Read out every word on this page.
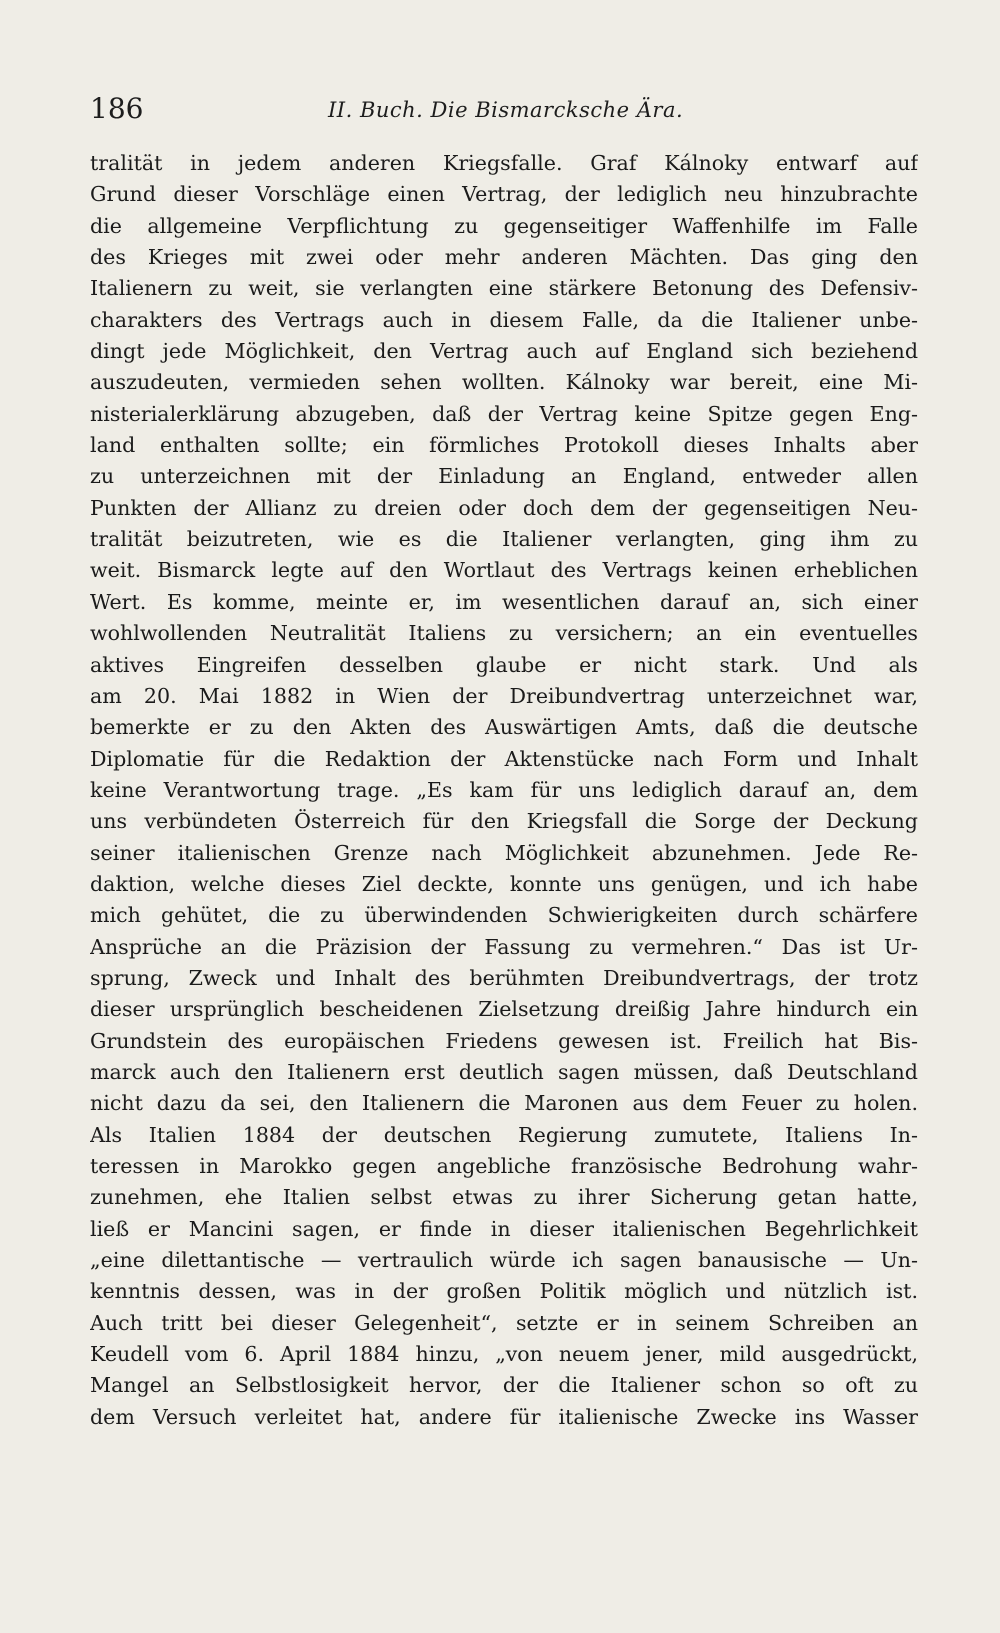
186	II. Buch. Die Bismarcksche Ära.
tralität in jedem anderen Kriegsfalle. Graf Kálnoky entwarf auf
Grund dieser Vorschläge einen Vertrag, der lediglich neu hinzubrachte
die allgemeine Verpflichtung zu gegenseitiger Waffenhilfe im Falle
des Krieges mit zwei oder mehr anderen Mächten. Das ging den
Italienern zu weit, sie verlangten eine stärkere Betonung des Defensiv-
charakters des Vertrags auch in diesem Falle, da die Italiener unbe-
dingt jede Möglichkeit, den Vertrag auch auf England sich beziehend
auszudeuten, vermieden sehen wollten. Kálnoky war bereit, eine Mi-
nisterialerklärung abzugeben, daß der Vertrag keine Spitze gegen Eng-
land enthalten sollte; ein förmliches Protokoll dieses Inhalts aber
zu unterzeichnen mit der Einladung an England, entweder allen
Punkten der Allianz zu dreien oder doch dem der gegenseitigen Neu-
tralität beizutreten, wie es die Italiener verlangten, ging ihm zu
weit. Bismarck legte auf den Wortlaut des Vertrags keinen erheblichen
Wert. Es komme, meinte er, im wesentlichen darauf an, sich einer
wohlwollenden Neutralität Italiens zu versichern; an ein eventuelles
aktives Eingreifen desselben glaube er nicht stark. Und als
am 20. Mai 1882 in Wien der Dreibundvertrag unterzeichnet war,
bemerkte er zu den Akten des Auswärtigen Amts, daß die deutsche
Diplomatie für die Redaktion der Aktenstücke nach Form und Inhalt
keine Verantwortung trage. „Es kam für uns lediglich darauf an, dem
uns verbündeten Österreich für den Kriegsfall die Sorge der Deckung
seiner italienischen Grenze nach Möglichkeit abzunehmen. Jede Re-
daktion, welche dieses Ziel deckte, konnte uns genügen, und ich habe
mich gehütet, die zu überwindenden Schwierigkeiten durch schärfere
Ansprüche an die Präzision der Fassung zu vermehren.“ Das ist Ur-
sprung, Zweck und Inhalt des berühmten Dreibundvertrags, der trotz
dieser ursprünglich bescheidenen Zielsetzung dreißig Jahre hindurch ein
Grundstein des europäischen Friedens gewesen ist. Freilich hat Bis-
marck auch den Italienern erst deutlich sagen müssen, daß Deutschland
nicht dazu da sei, den Italienern die Maronen aus dem Feuer zu holen.
Als Italien 1884 der deutschen Regierung zumutete, Italiens In-
teressen in Marokko gegen angebliche französische Bedrohung wahr-
zunehmen, ehe Italien selbst etwas zu ihrer Sicherung getan hatte,
ließ er Mancini sagen, er finde in dieser italienischen Begehrlichkeit
„eine dilettantische — vertraulich würde ich sagen banausische — Un-
kenntnis dessen, was in der großen Politik möglich und nützlich ist.
Auch tritt bei dieser Gelegenheit“, setzte er in seinem Schreiben an
Keudell vom 6. April 1884 hinzu, „von neuem jener, mild ausgedrückt,
Mangel an Selbstlosigkeit hervor, der die Italiener schon so oft zu
dem Versuch verleitet hat, andere für italienische Zwecke ins Wasser
